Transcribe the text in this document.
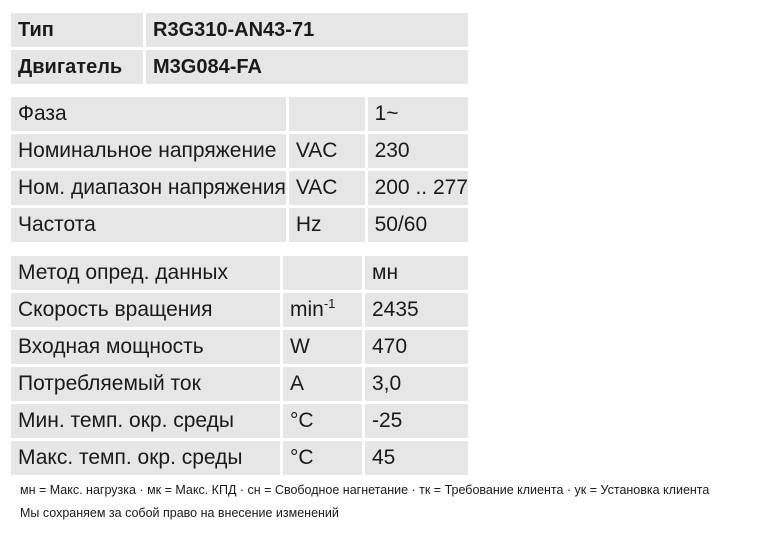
Тип	R3G310-AN43-71
Двигатель	M3G084-FA
Фаза		1~
Номинальное напряжение	VAC	230
Ном. диапазон напряжения	VAC	200 .. 277
Частота	Hz	50/60
Метод опред. данных		мн
Скорость вращения	$\min^{-1}$	2435
Входная мощность	W	470
Потребляемый ток	A	3,0
Мин. темп. окр. среды	°C	-25
Макс. темп. окр. среды	°C	45
мн = Макс. нагрузка · мк = Макс. КПД · сн = Свободное нагнетание · тк = Требование клиента · ук = Установка клиента
Мы сохраняем за собой право на внесение изменений
